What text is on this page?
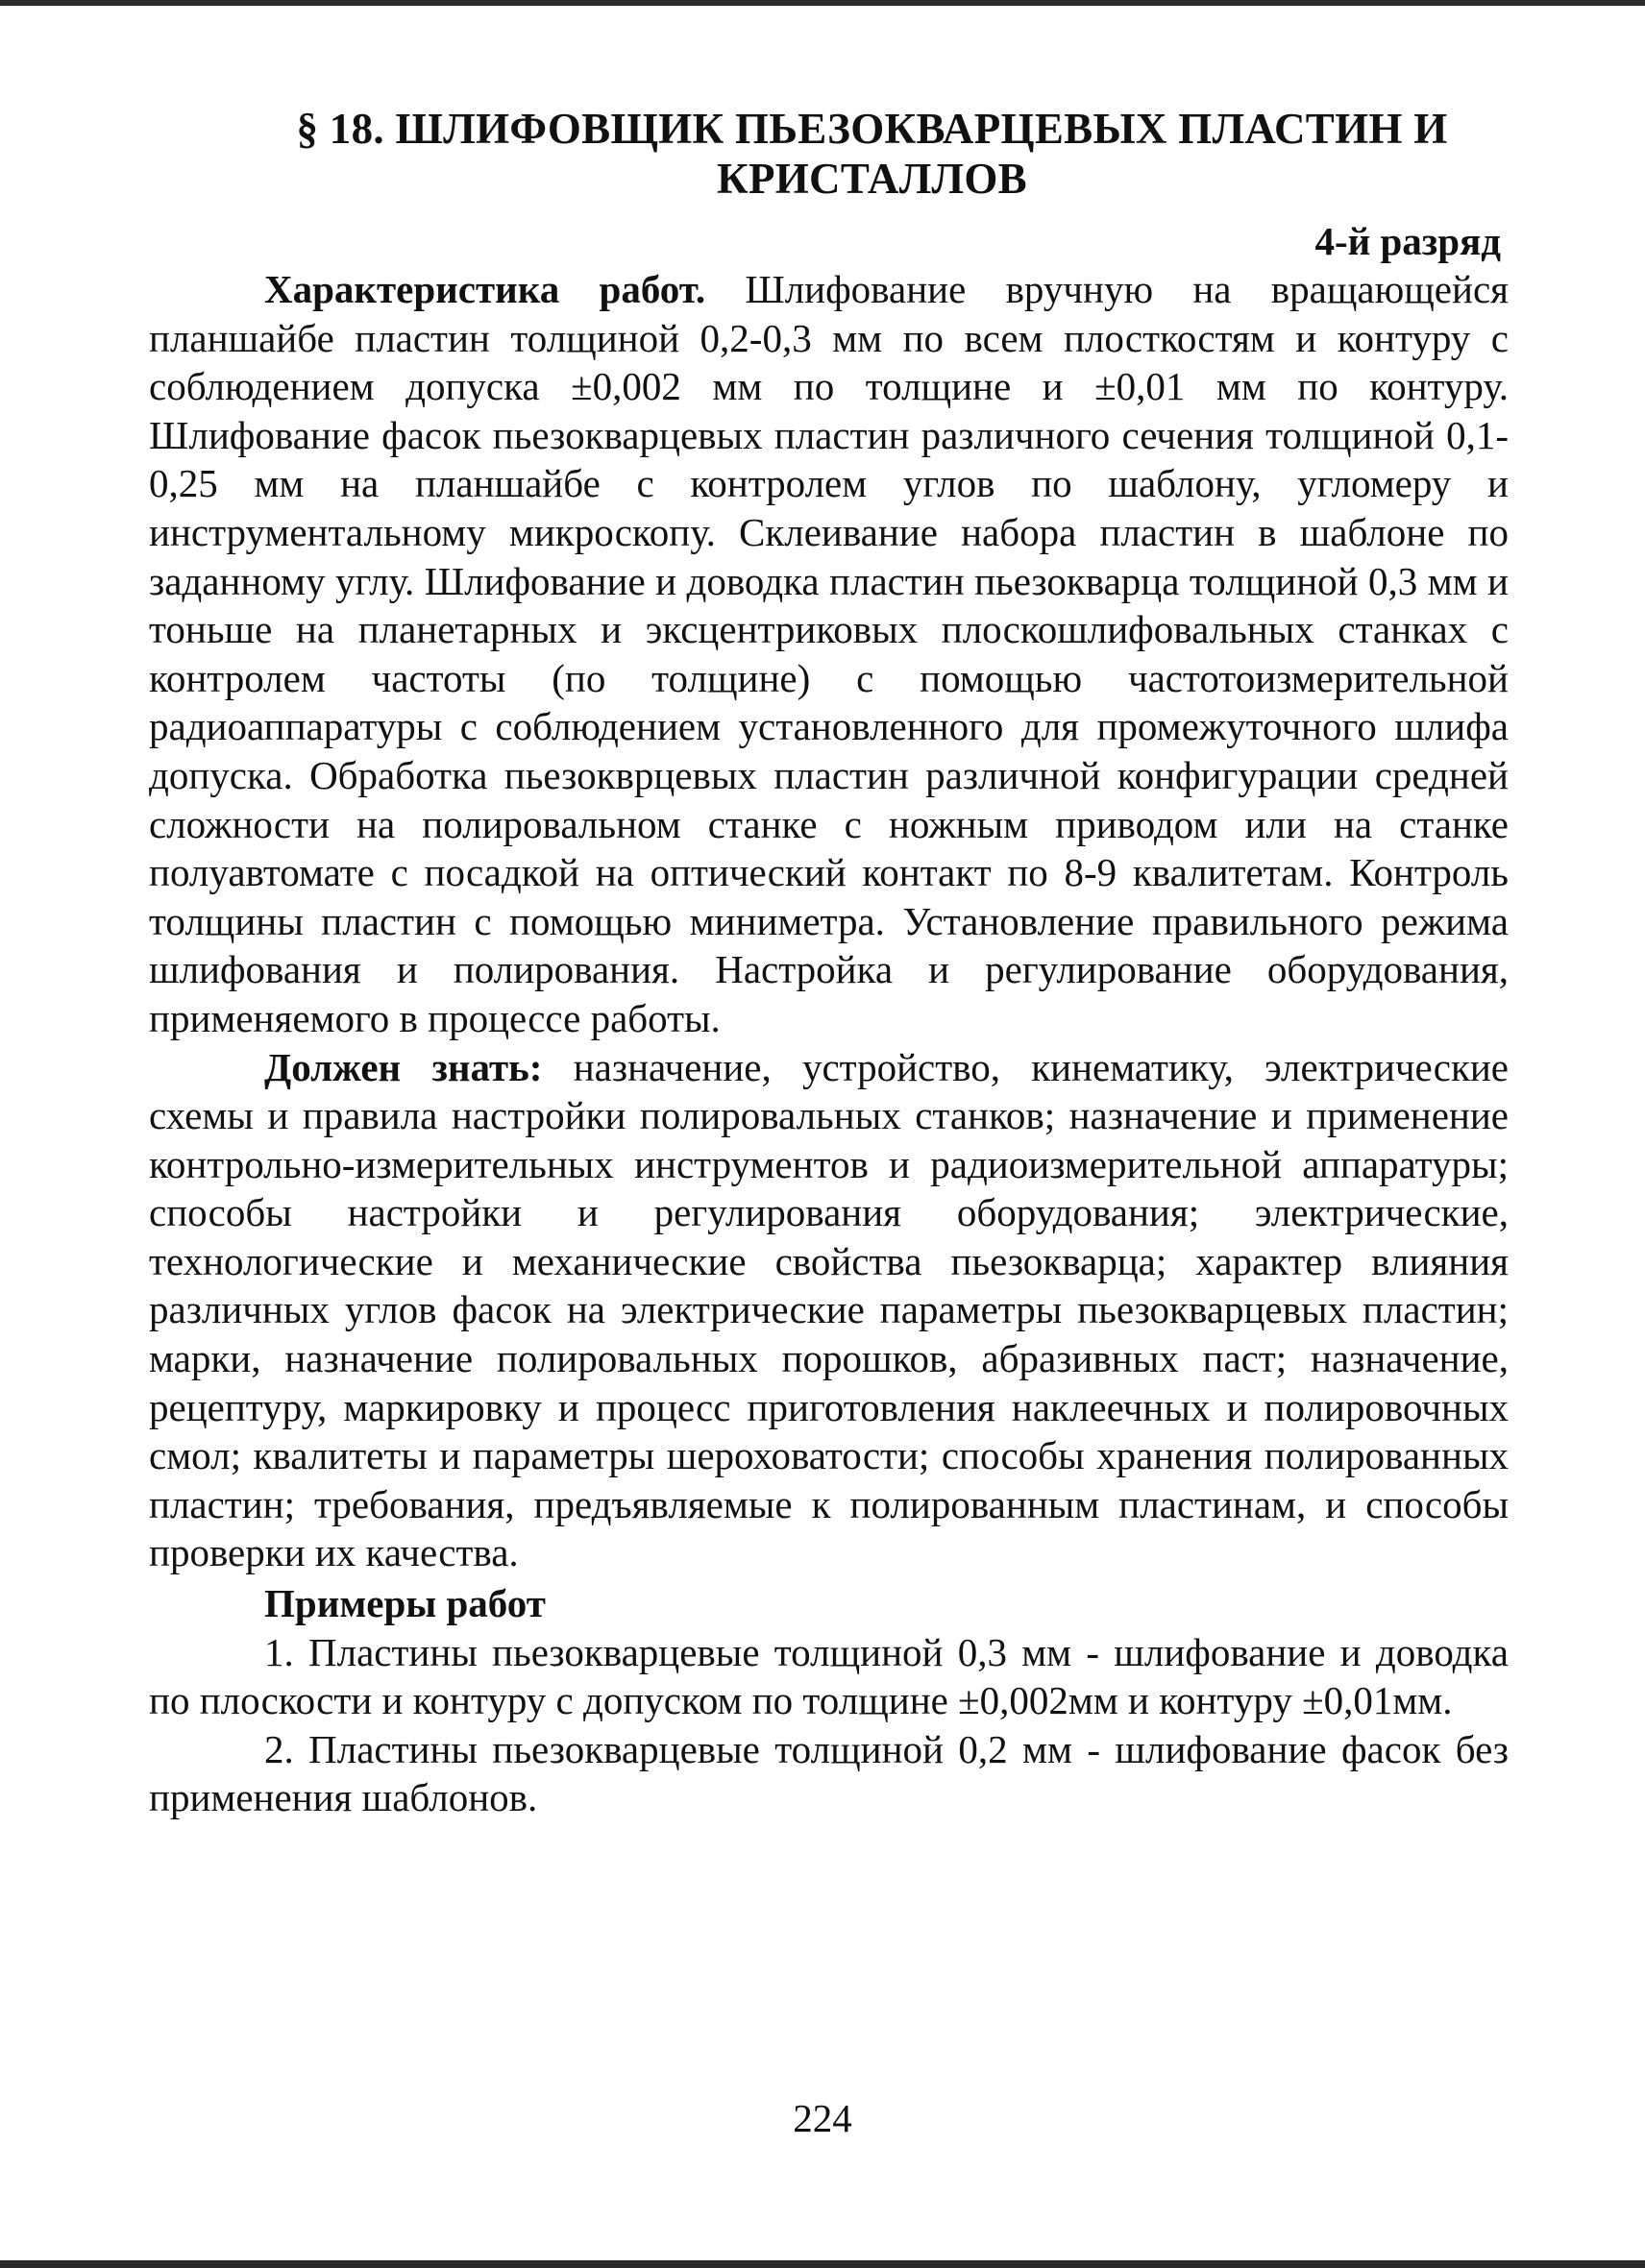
§ 18. ШЛИФОВЩИК ПЬЕЗОКВАРЦЕВЫХ ПЛАСТИН И КРИСТАЛЛОВ
4-й разряд

Характеристика работ. Шлифование вручную на вращающейся планшайбе пластин толщиной 0,2-0,3 мм по всем плосткостям и контуру с соблюдением допуска ±0,002 мм по толщине и ±0,01 мм по контуру. Шлифование фасок пьезокварцевых пластин различного сечения толщиной 0,1-0,25 мм на планшайбе с контролем углов по шаблону, угломеру и инструментальному микроскопу. Склеивание набора пластин в шаблоне по заданному углу. Шлифование и доводка пластин пьезокварца толщиной 0,3 мм и тоньше на планетарных и эксцентриковых плоскошлифовальных станках с контролем частоты (по толщине) с помощью частотоизмерительной радиоаппаратуры с соблюдением установленного для промежуточного шлифа допуска. Обработка пьезокврцевых пластин различной конфигурации средней сложности на полировальном станке с ножным приводом или на станке полуавтомате с посадкой на оптический контакт по 8-9 квалитетам. Контроль толщины пластин с помощью миниметра. Установление правильного режима шлифования и полирования. Настройка и регулирование оборудования, применяемого в процессе работы.

Должен знать: назначение, устройство, кинематику, электрические схемы и правила настройки полировальных станков; назначение и применение контрольно-измерительных инструментов и радиоизмерительной аппаратуры; способы настройки и регулирования оборудования; электрические, технологические и механические свойства пьезокварца; характер влияния различных углов фасок на электрические параметры пьезокварцевых пластин; марки, назначение полировальных порошков, абразивных паст; назначение, рецептуру, маркировку и процесс приготовления наклеечных и полировочных смол; квалитеты и параметры шероховатости; способы хранения полированных пластин; требования, предъявляемые к полированным пластинам, и способы проверки их качества.

Примеры работ

1. Пластины пьезокварцевые толщиной 0,3 мм - шлифование и доводка по плоскости и контуру с допуском по толщине ±0,002мм и контуру ±0,01мм.

2. Пластины пьезокварцевые толщиной 0,2 мм - шлифование фасок без применения шаблонов.

224
